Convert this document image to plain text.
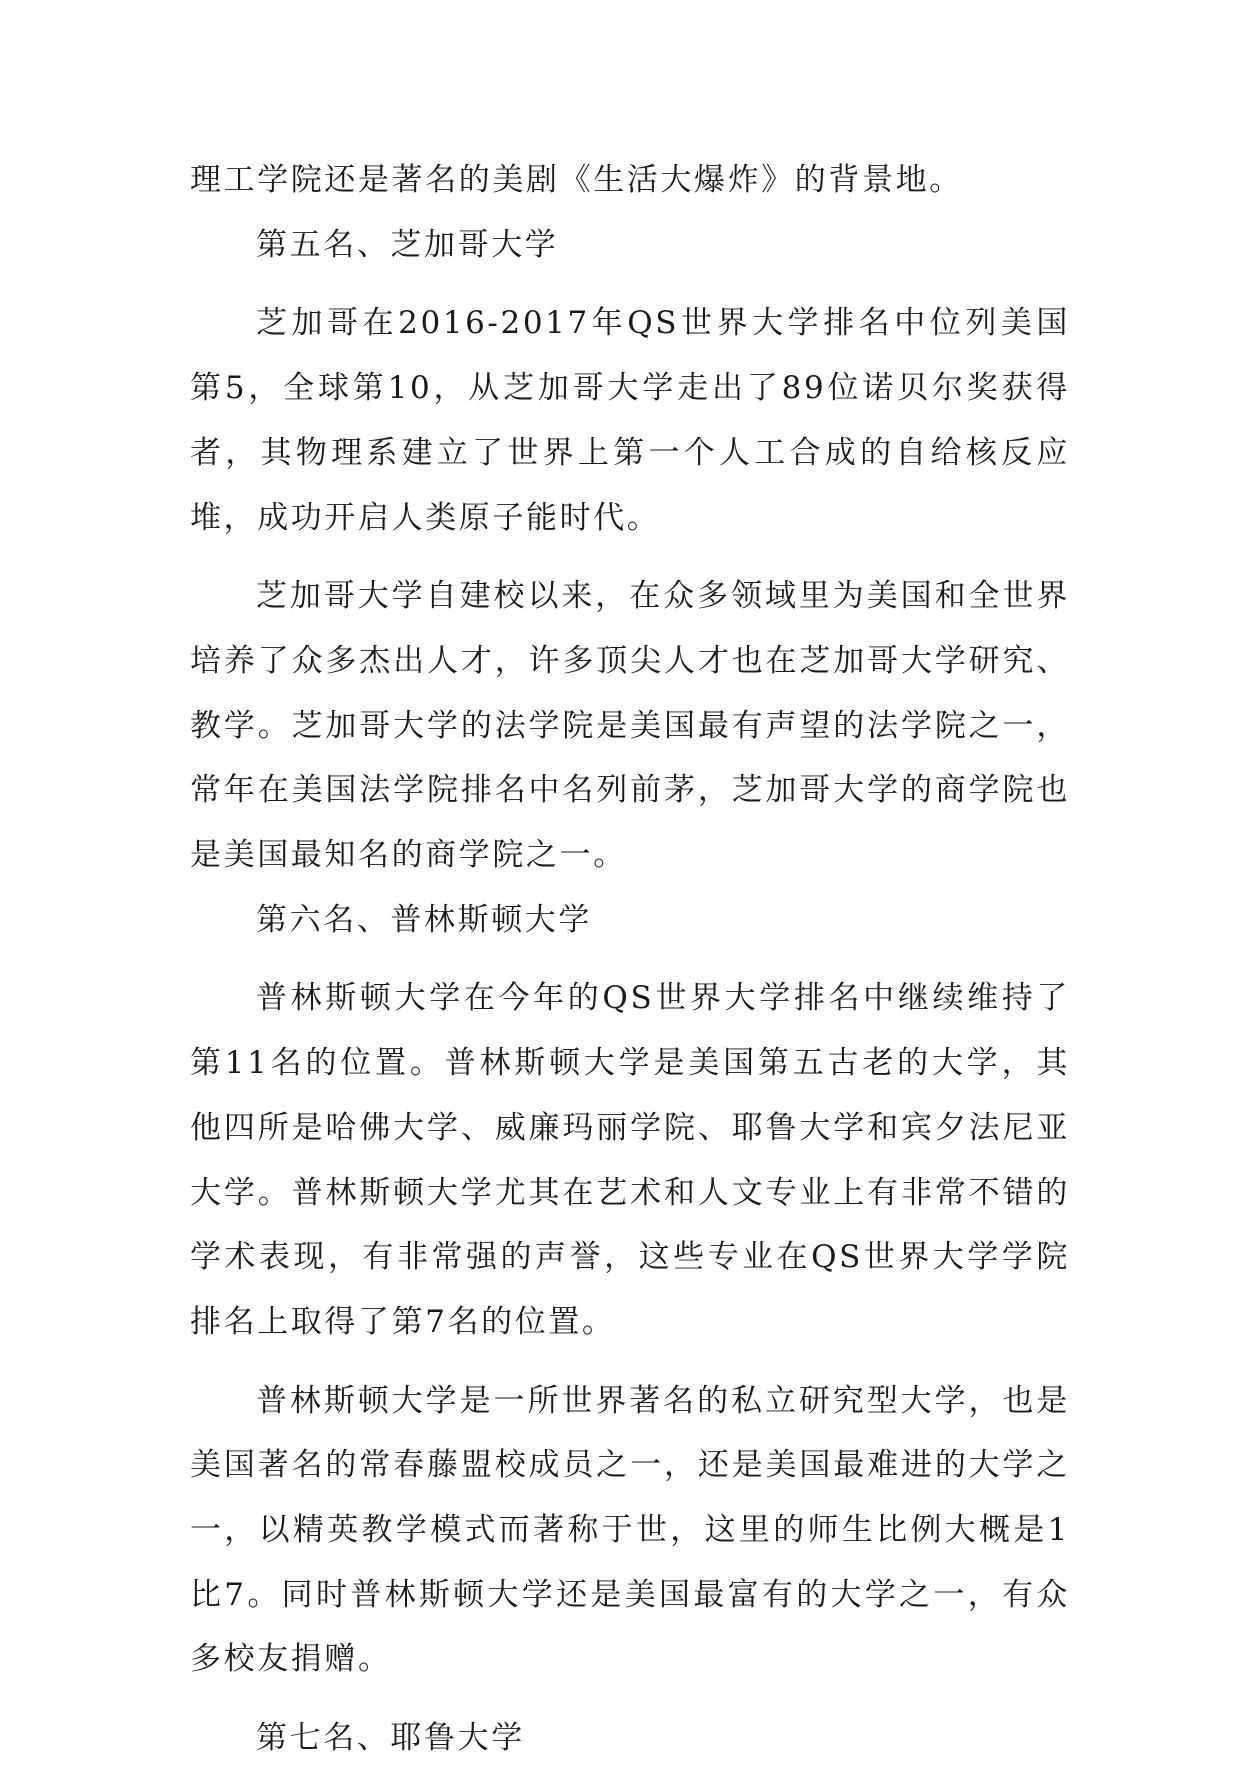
理工学院还是著名的美剧《生活大爆炸》的背景地。

第五名、芝加哥大学

芝加哥在2016-2017年QS世界大学排名中位列美国第5，全球第10，从芝加哥大学走出了89位诺贝尔奖获得者，其物理系建立了世界上第一个人工合成的自给核反应堆，成功开启人类原子能时代。

芝加哥大学自建校以来，在众多领域里为美国和全世界培养了众多杰出人才，许多顶尖人才也在芝加哥大学研究、教学。芝加哥大学的法学院是美国最有声望的法学院之一，常年在美国法学院排名中名列前茅，芝加哥大学的商学院也是美国最知名的商学院之一。

第六名、普林斯顿大学

普林斯顿大学在今年的QS世界大学排名中继续维持了第11名的位置。普林斯顿大学是美国第五古老的大学，其他四所是哈佛大学、威廉玛丽学院、耶鲁大学和宾夕法尼亚大学。普林斯顿大学尤其在艺术和人文专业上有非常不错的学术表现，有非常强的声誉，这些专业在QS世界大学学院排名上取得了第7名的位置。

普林斯顿大学是一所世界著名的私立研究型大学，也是美国著名的常春藤盟校成员之一，还是美国最难进的大学之一，以精英教学模式而著称于世，这里的师生比例大概是1比7。同时普林斯顿大学还是美国最富有的大学之一，有众多校友捐赠。

第七名、耶鲁大学
